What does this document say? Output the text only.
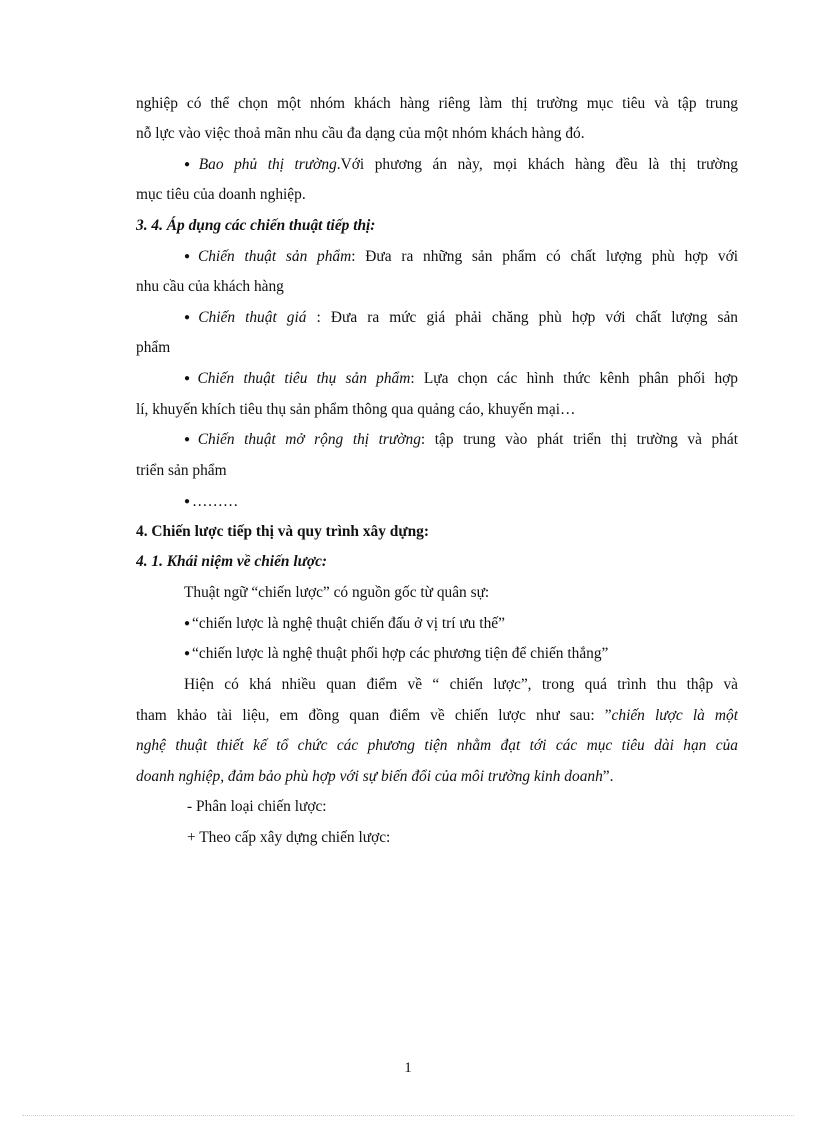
nghiệp có thể chọn một nhóm khách hàng riêng làm thị trường mục tiêu và tập trung
nỗ lực vào việc thoả mãn nhu cầu đa dạng của một nhóm khách hàng đó.
● Bao phủ thị trường.Với phương án này, mọi khách hàng đều là thị trường
mục tiêu của doanh nghiệp.
3. 4. Áp dụng các chiến thuật tiếp thị:
● Chiến thuật sản phẩm: Đưa ra những sản phẩm có chất lượng phù hợp với
nhu cầu của khách hàng
● Chiến thuật giá : Đưa ra mức giá phải chăng phù hợp với chất lượng sản
phẩm
● Chiến thuật tiêu thụ sản phẩm: Lựa chọn các hình thức kênh phân phối hợp
lí, khuyến khích tiêu thụ sản phẩm thông qua quảng cáo, khuyến mại…
● Chiến thuật mở rộng thị trường: tập trung vào phát triển thị trường và phát
triển sản phẩm
● ………
4. Chiến lược tiếp thị và quy trình xây dựng:
4. 1. Khái niệm về chiến lược:
Thuật ngữ “chiến lược” có nguồn gốc từ quân sự:
● “chiến lược là nghệ thuật chiến đấu ở vị trí ưu thế”
● “chiến lược là nghệ thuật phối hợp các phương tiện để chiến thắng”
Hiện có khá nhiều quan điểm về “ chiến lược”, trong quá trình thu thập và
tham khảo tài liệu, em đồng quan điểm về chiến lược như sau: ”chiến lược là một
nghệ thuật thiết kế tổ chức các phương tiện nhằm đạt tới các mục tiêu dài hạn của
doanh nghiệp, đảm bảo phù hợp với sự biến đổi của môi trường kinh doanh”.
- Phân loại chiến lược:
+ Theo cấp xây dựng chiến lược:
1
